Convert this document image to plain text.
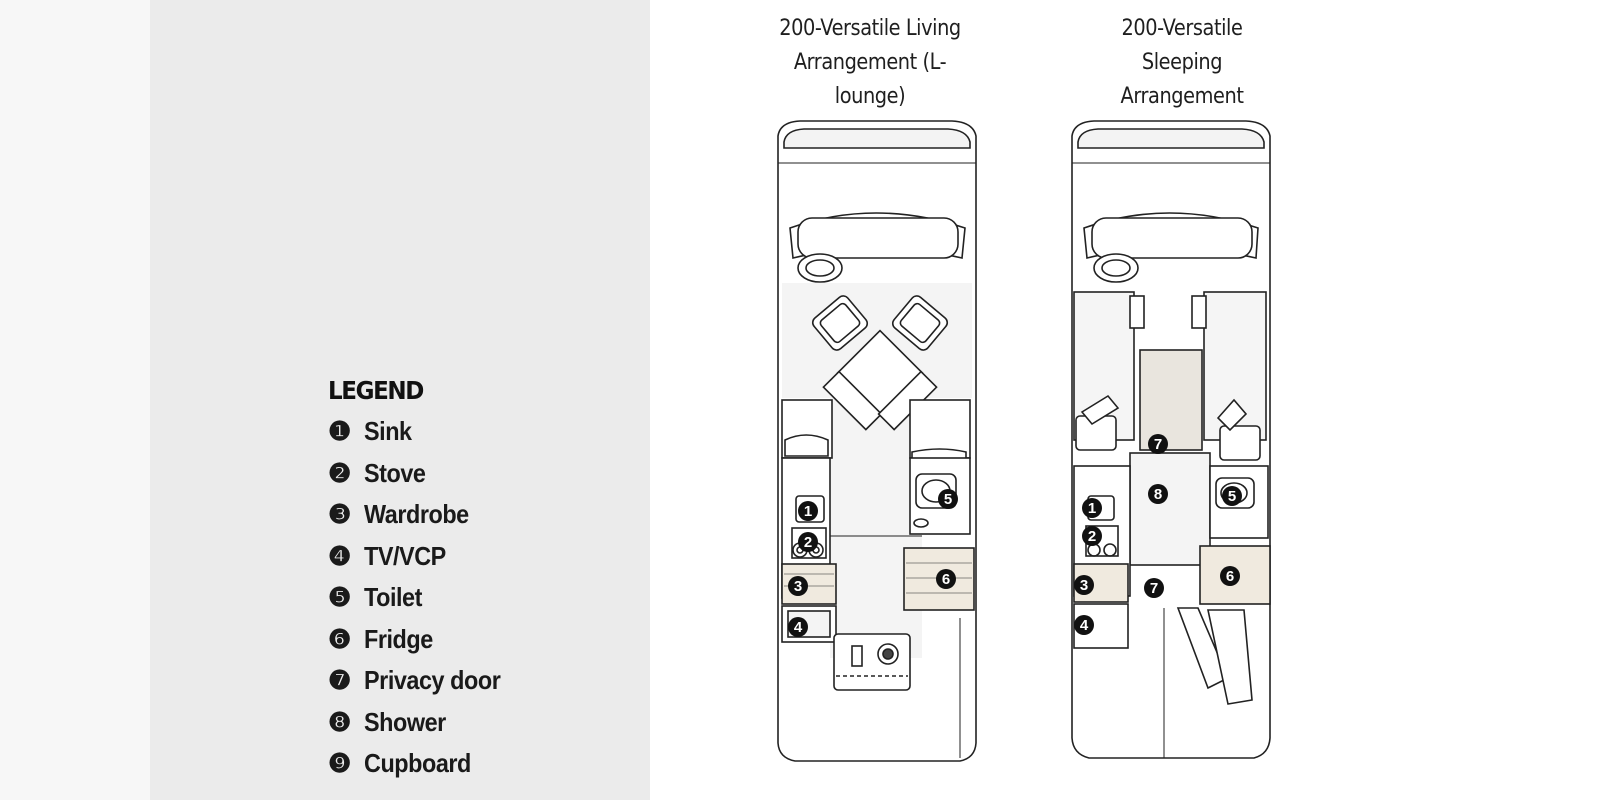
LEGEND
❶ Sink
❷ Stove
❸ Wardrobe
❹ TV/VCP
❺ Toilet
❻ Fridge
❼ Privacy door
❽ Shower
❾ Cupboard
200-Versatile Living
Arrangement (L-lounge)
200-Versatile
Sleeping Arrangement
1
2
3
4
5
6
7
8
1
2
3
4
5
6
7
